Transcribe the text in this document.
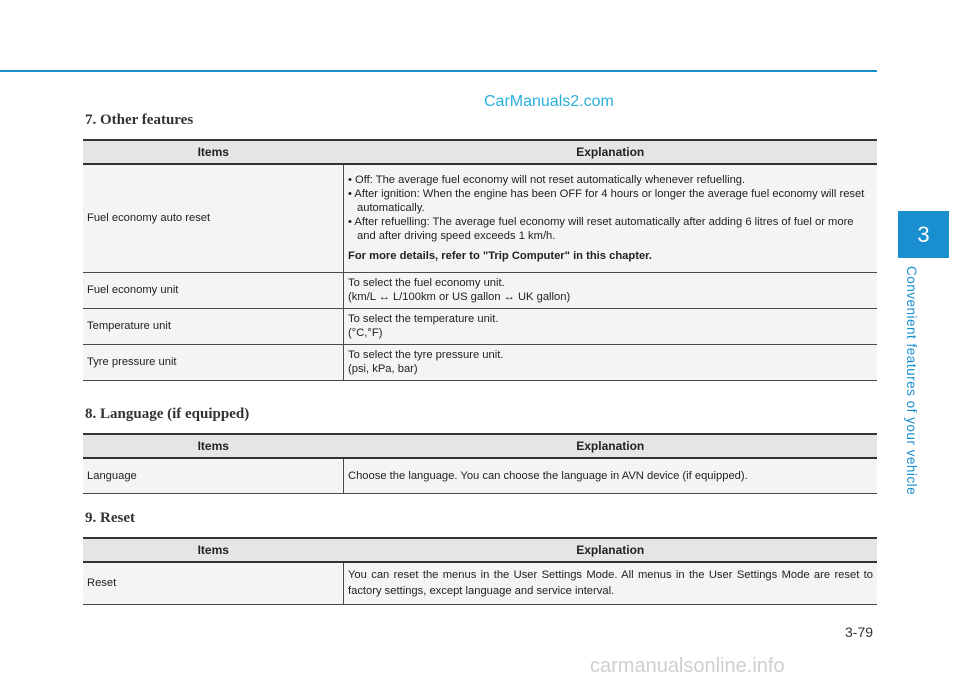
CarManuals2.com
7. Other features
Items	Explanation
Fuel economy auto reset	• Off: The average fuel economy will not reset automatically whenever refuelling.
• After ignition: When the engine has been OFF for 4 hours or longer the average fuel economy will reset automatically.
• After refuelling: The average fuel economy will reset automatically after adding 6 litres of fuel or more and after driving speed exceeds 1 km/h.
For more details, refer to "Trip Computer" in this chapter.

Fuel economy unit	To select the fuel economy unit.
(km/L ↔ L/100km or US gallon ↔ UK gallon)

Temperature unit	To select the temperature unit.
(°C,°F)

Tyre pressure unit	To select the tyre pressure unit.
(psi, kPa, bar)
8. Language (if equipped)
Items	Explanation
Language	Choose the language. You can choose the language in AVN device (if equipped).
9. Reset
Items	Explanation
Reset	You can reset the menus in the User Settings Mode. All menus in the User Settings Mode are reset to factory settings, except language and service interval.
3
Convenient features of your vehicle
3-79
carmanualsonline.info
